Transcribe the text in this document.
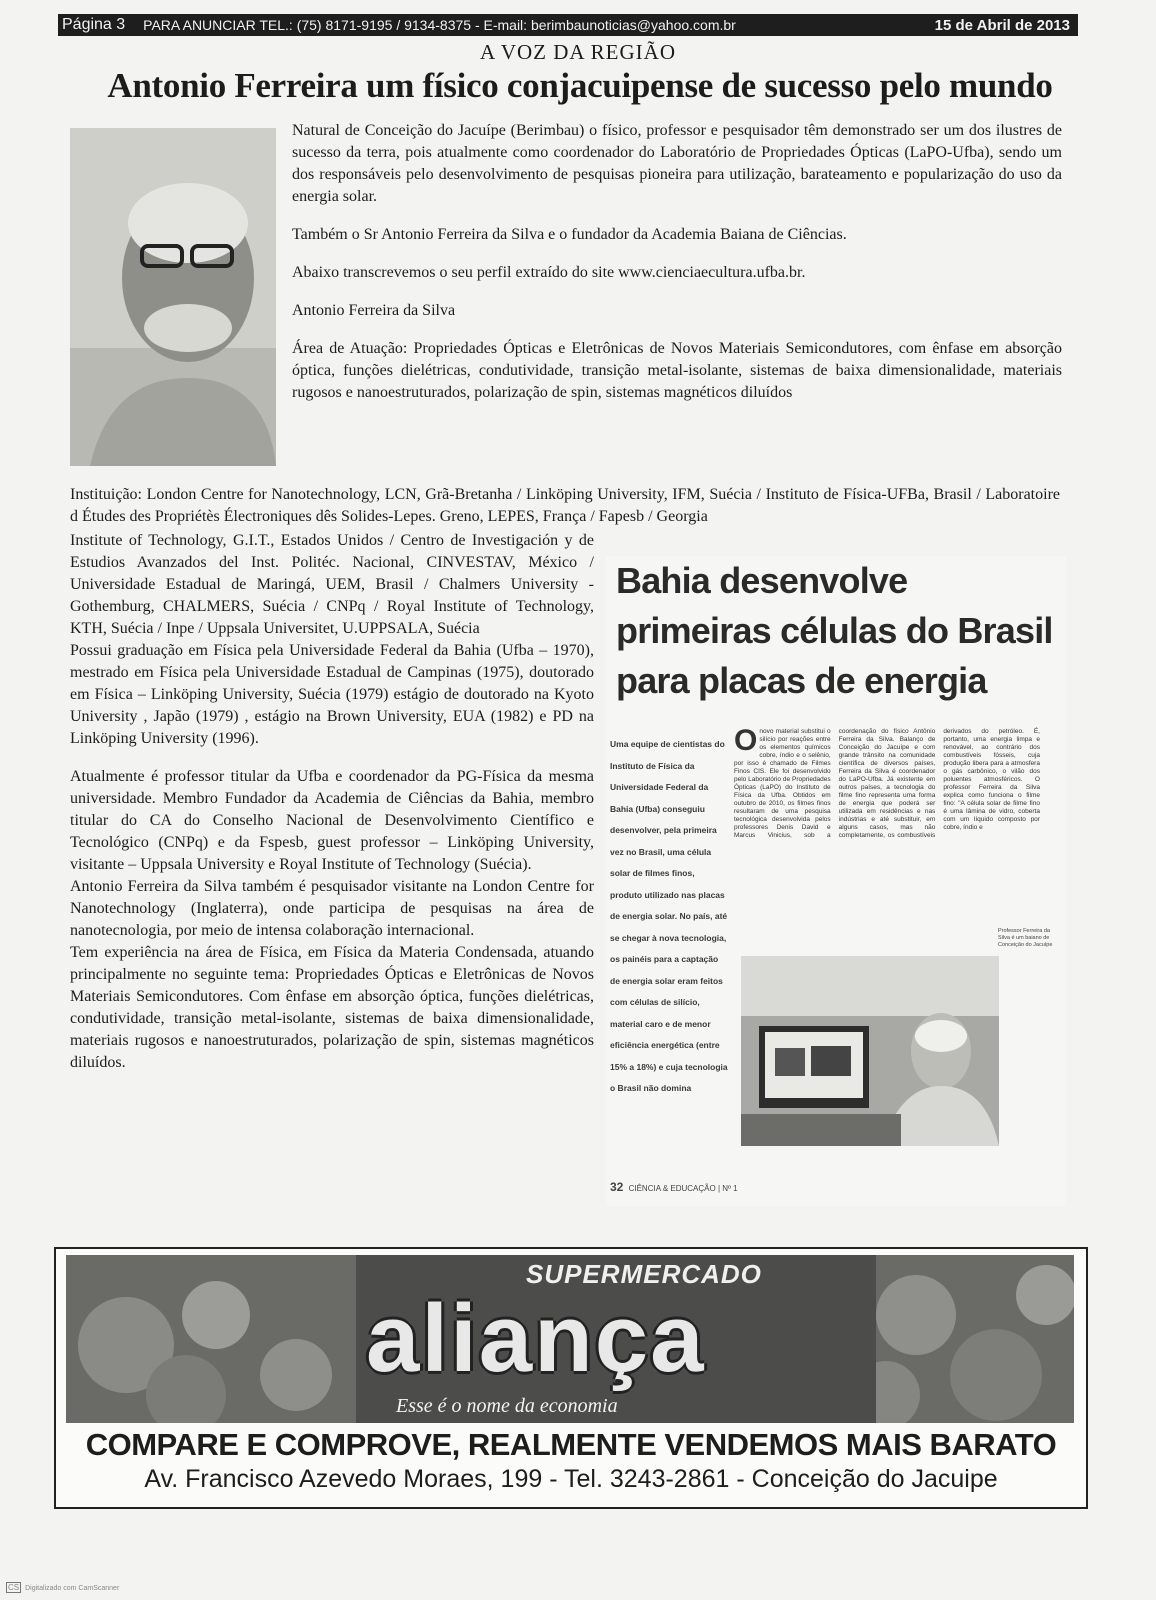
Página 3	PARA ANUNCIAR TEL.: (75) 8171-9195 / 9134-8375 - E-mail: berimbaunoticias@yahoo.com.br	15 de Abril de 2013
A VOZ DA REGIÃO
Antonio Ferreira um físico conjacuipense de sucesso pelo mundo

Natural de Conceição do Jacuípe (Berimbau) o físico, professor e pesquisador têm demonstrado ser um dos ilustres de sucesso da terra, pois atualmente como coordenador do Laboratório de Propriedades Ópticas (LaPO-Ufba), sendo um dos responsáveis pelo desenvolvimento de pesquisas pioneira para utilização, barateamento e popularização do uso da energia solar.

Também o Sr Antonio Ferreira da Silva e o fundador da Academia Baiana de Ciências.

Abaixo transcrevemos o seu perfil extraído do site www.cienciaecultura.ufba.br.

Antonio Ferreira da Silva

Área de Atuação: Propriedades Ópticas e Eletrônicas de Novos Materiais Semicondutores, com ênfase em absorção óptica, funções dielétricas, condutividade, transição metal-isolante, sistemas de baixa dimensionalidade, materiais rugosos e nanoestruturados, polarização de spin, sistemas magnéticos diluídos

Instituição: London Centre for Nanotechnology, LCN, Grã-Bretanha / Linköping University, IFM, Suécia / Instituto de Física-UFBa, Brasil / Laboratoire d Études des Propriétès Électroniques dês Solides-Lepes. Greno, LEPES, França / Fapesb / Georgia

Institute of Technology, G.I.T., Estados Unidos / Centro de Investigación y de Estudios Avanzados del Inst. Politéc. Nacional, CINVESTAV, México / Universidade Estadual de Maringá, UEM, Brasil / Chalmers University -Gothemburg, CHALMERS, Suécia / CNPq / Royal Institute of Technology, KTH, Suécia / Inpe / Uppsala Universitet, U.UPPSALA, Suécia

Possui graduação em Física pela Universidade Federal da Bahia (Ufba – 1970), mestrado em Física pela Universidade Estadual de Campinas (1975), doutorado em Física – Linköping University, Suécia (1979) estágio de doutorado na Kyoto University , Japão (1979) , estágio na Brown University, EUA (1982) e PD na Linköping University (1996).

Atualmente é professor titular da Ufba e coordenador da PG-Física da mesma universidade. Membro Fundador da Academia de Ciências da Bahia, membro titular do CA do Conselho Nacional de Desenvolvimento Científico e Tecnológico (CNPq) e da Fspesb, guest professor – Linköping University, visitante – Uppsala University e Royal Institute of Technology (Suécia).

Antonio Ferreira da Silva também é pesquisador visitante na London Centre for Nanotechnology (Inglaterra), onde participa de pesquisas na área de nanotecnologia, por meio de intensa colaboração internacional.

Tem experiência na área de Física, em Física da Materia Condensada, atuando principalmente no seguinte tema: Propriedades Ópticas e Eletrônicas de Novos Materiais Semicondutores. Com ênfase em absorção óptica, funções dielétricas, condutividade, transição metal-isolante, sistemas de baixa dimensionalidade, materiais rugosos e nanoestruturados, polarização de spin, sistemas magnéticos diluídos.

Bahia desenvolve primeiras células do Brasil para placas de energia
Uma equipe de cientistas do Instituto de Física da Universidade Federal da Bahia (Ufba) conseguiu desenvolver, pela primeira vez no Brasil, uma célula solar de filmes finos, produto utilizado nas placas de energia solar. No país, até se chegar à nova tecnologia, os painéis para a captação de energia solar eram feitos com células de silício, material caro e de menor eficiência energética (entre 15% a 18%) e cuja tecnologia o Brasil não domina
Onovo material substitui o silício por reações entre os elementos químicos cobre, índio e o selênio, por isso é chamado de Filmes Finos CIS. Ele foi desenvolvido pelo Laboratório de Propriedades Ópticas (LaPO) do Instituto de Física da Ufba. Obtidos em outubro de 2010, os filmes finos resultaram de uma pesquisa tecnológica desenvolvida pelos professores Denis David e Marcus Vinicius, sob a coordenação do físico Antônio Ferreira da Silva. Balanço de Conceição do Jacuípe e com grande trânsito na comunidade científica de diversos países, Ferreira da Silva é coordenador do LaPO-Ufba. Já existente em outros países, a tecnologia do filme fino representa uma forma de energia que poderá ser utilizada em residências e nas indústrias e até substituir, em alguns casos, mas não completamente, os combustíveis derivados do petróleo. É, portanto, uma energia limpa e renovável, ao contrário dos combustíveis fósseis, cuja produção libera para a atmosfera o gás carbônico, o vilão dos poluentes atmosféricos. O professor Ferreira da Silva explica como funciona o filme fino: "A célula solar de filme fino é uma lâmina de vidro, coberta com um líquido composto por cobre, índio e
Professor Ferreira da Silva é um baiano de Conceição do Jacuípe
32 CIÊNCIA & EDUCAÇÃO | Nº 1
SUPERMERCADO
aliança
Esse é o nome da economia
COMPARE E COMPROVE, REALMENTE VENDEMOS MAIS BARATO
Av. Francisco Azevedo Moraes, 199 - Tel. 3243-2861 - Conceição do Jacuipe
CS Digitalizado com CamScanner
